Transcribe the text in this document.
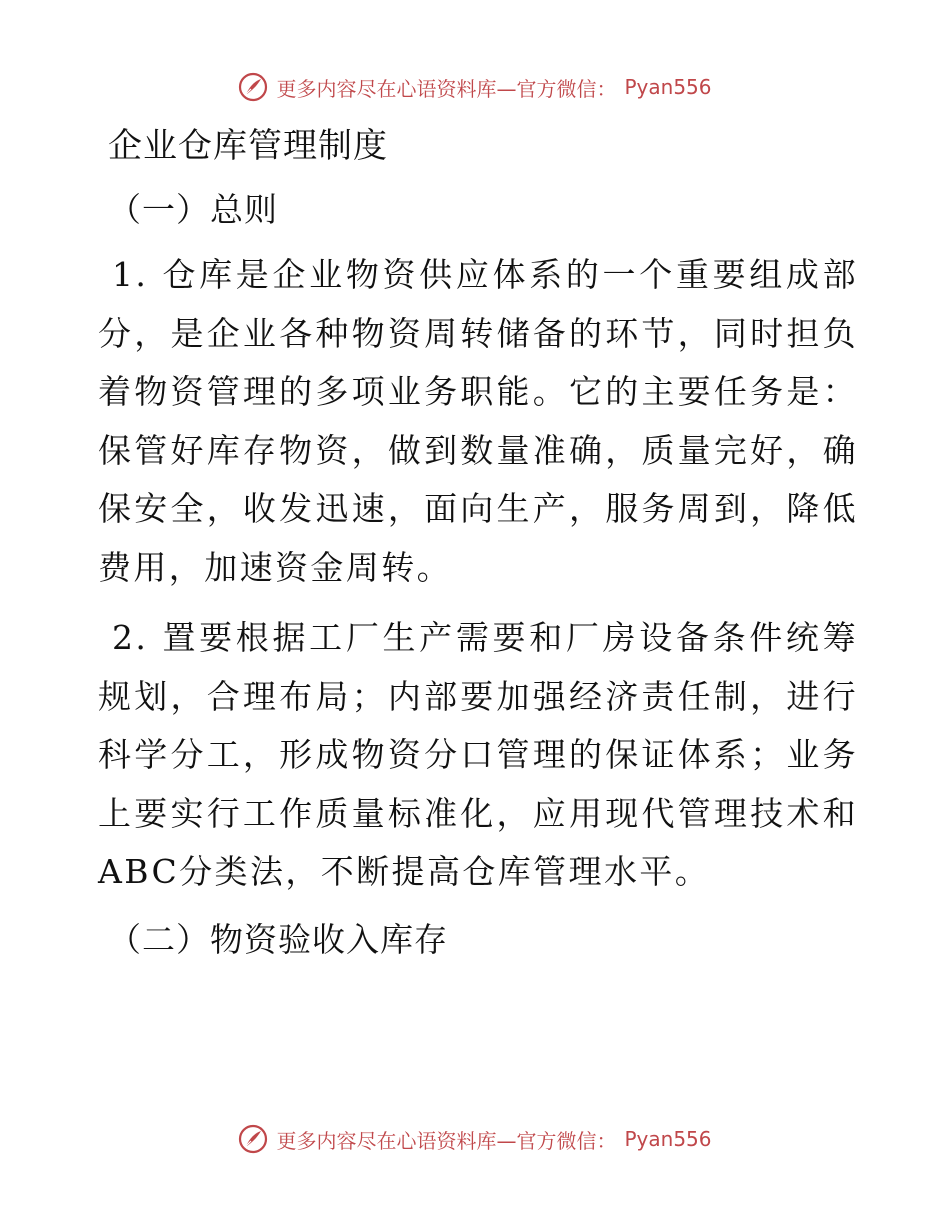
更多内容尽在心语资料库—官方微信： Pyan556
企业仓库管理制度

（一）总则

1. 仓库是企业物资供应体系的一个重要组成部分，是企业各种物资周转储备的环节，同时担负着物资管理的多项业务职能。它的主要任务是：保管好库存物资，做到数量准确，质量完好，确保安全，收发迅速，面向生产，服务周到，降低费用，加速资金周转。

2. 置要根据工厂生产需要和厂房设备条件统筹规划，合理布局；内部要加强经济责任制，进行科学分工，形成物资分口管理的保证体系；业务上要实行工作质量标准化，应用现代管理技术和ABC分类法，不断提高仓库管理水平。

（二）物资验收入库存

更多内容尽在心语资料库—官方微信： Pyan556
